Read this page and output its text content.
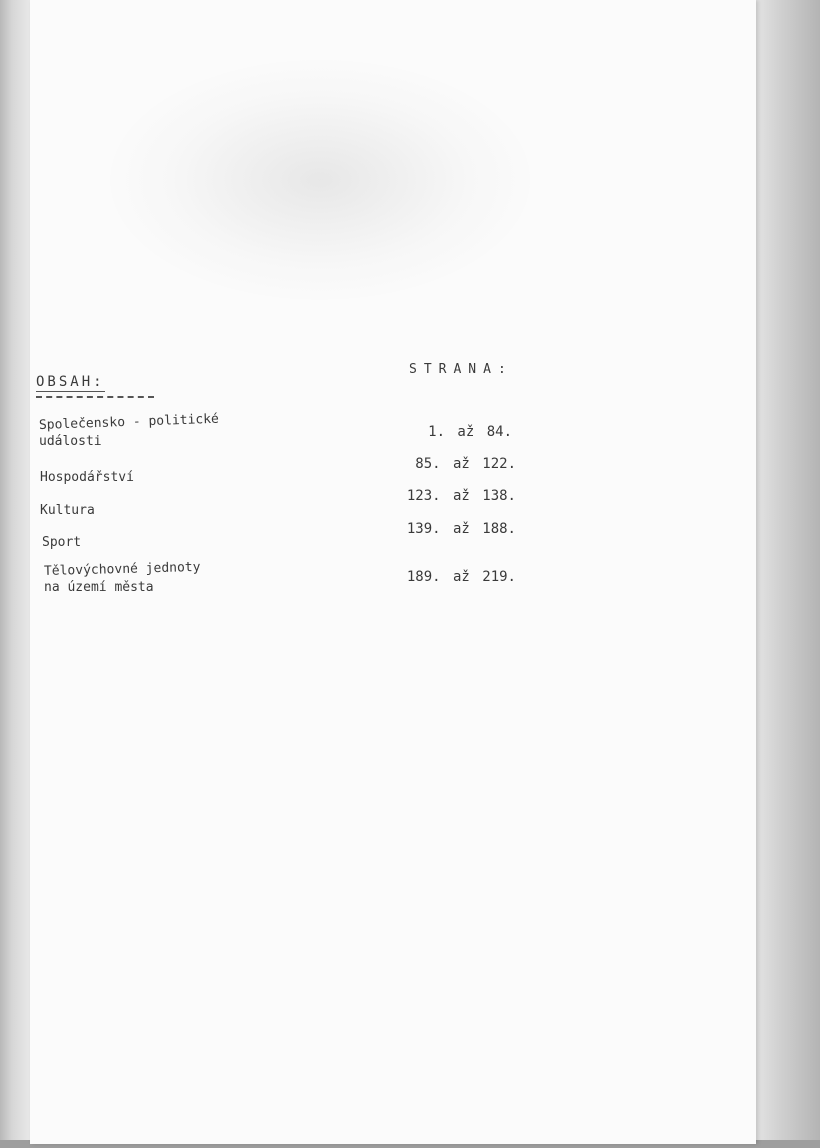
OBSAH:
STRANA:
Společensko - politické
události
1. až 84.
Hospodářství
85. až 122.
Kultura
123. až 138.
Sport
139. až 188.
Tělovýchovné jednoty
na území města
189. až 219.
